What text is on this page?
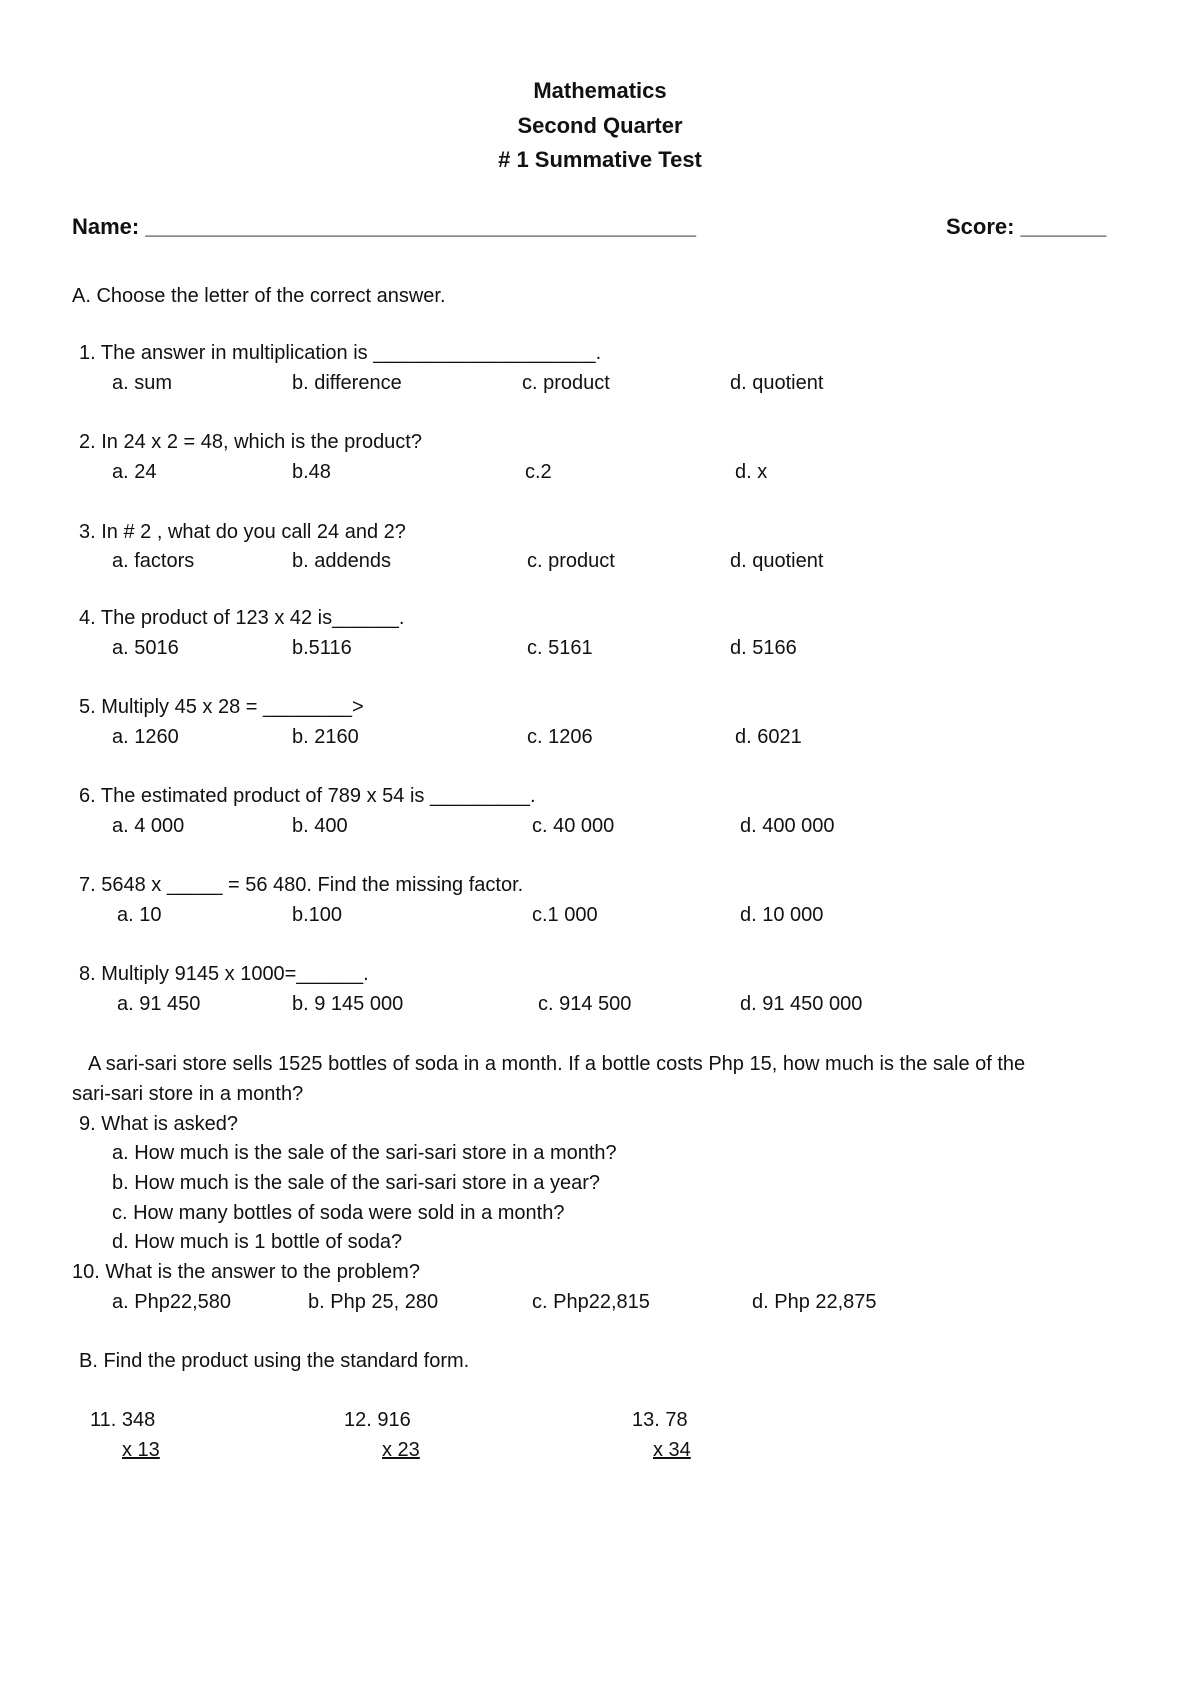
Mathematics
Second Quarter
# 1 Summative Test
Name: _____________________________________________	Score: _______
A. Choose the letter of the correct answer.
1. The answer in multiplication is ____________________.
a. sum	b. difference	c. product	d. quotient
2. In 24 x 2 = 48, which is the product?
a. 24	b.48	c.2	d. x
3. In # 2 , what do you call 24 and 2?
a. factors	b. addends	c. product	d. quotient
4. The product of 123 x 42 is______.
a. 5016	b.5116	c. 5161	d. 5166
5. Multiply 45 x 28 = ________>
a. 1260	b. 2160	c. 1206	d. 6021
6. The estimated product of 789 x 54 is _________.
a. 4 000	b. 400	c. 40 000	d. 400 000
7. 5648 x _____ = 56 480. Find the missing factor.
a. 10	b.100	c.1 000	d. 10 000
8. Multiply 9145 x 1000=______.
a. 91 450	b. 9 145 000	c. 914 500	d. 91 450 000
A sari-sari store sells 1525 bottles of soda in a month. If a bottle costs Php 15, how much is the sale of the
sari-sari store in a month?
9. What is asked?
a. How much is the sale of the sari-sari store in a month?
b. How much is the sale of the sari-sari store in a year?
c. How many bottles of soda were sold in a month?
d. How much is 1 bottle of soda?
10. What is the answer to the problem?
a. Php22,580	b. Php 25, 280	c. Php22,815	d. Php 22,875
B. Find the product using the standard form.
11. 348
x 13
12. 916
x 23
13. 78
x 34
